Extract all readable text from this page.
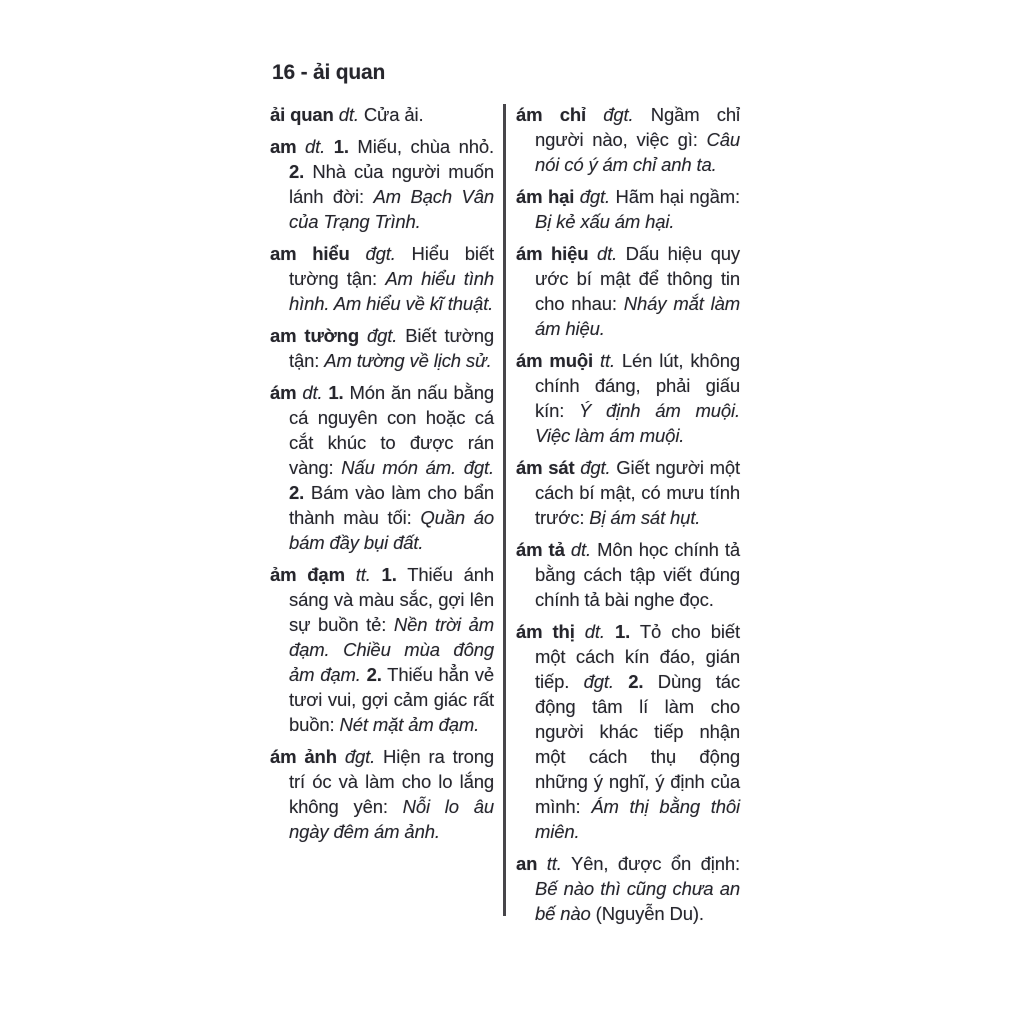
16 - ải quan

ải quan dt. Cửa ải.

am dt. 1. Miếu, chùa nhỏ. 2. Nhà của người muốn lánh đời: Am Bạch Vân của Trạng Trình.

am hiểu đgt. Hiểu biết tường tận: Am hiểu tình hình. Am hiểu về kĩ thuật.

am tường đgt. Biết tường tận: Am tường về lịch sử.

ám dt. 1. Món ăn nấu bằng cá nguyên con hoặc cá cắt khúc to được rán vàng: Nấu món ám. đgt. 2. Bám vào làm cho bẩn thành màu tối: Quần áo bám đầy bụi đất.

ảm đạm tt. 1. Thiếu ánh sáng và màu sắc, gợi lên sự buồn tẻ: Nền trời ảm đạm. Chiều mùa đông ảm đạm. 2. Thiếu hẳn vẻ tươi vui, gợi cảm giác rất buồn: Nét mặt ảm đạm.

ám ảnh đgt. Hiện ra trong trí óc và làm cho lo lắng không yên: Nỗi lo âu ngày đêm ám ảnh.

ám chỉ đgt. Ngầm chỉ người nào, việc gì: Câu nói có ý ám chỉ anh ta.

ám hại đgt. Hãm hại ngầm: Bị kẻ xấu ám hại.

ám hiệu dt. Dấu hiệu quy ước bí mật để thông tin cho nhau: Nháy mắt làm ám hiệu.

ám muội tt. Lén lút, không chính đáng, phải giấu kín: Ý định ám muội. Việc làm ám muội.

ám sát đgt. Giết người một cách bí mật, có mưu tính trước: Bị ám sát hụt.

ám tả dt. Môn học chính tả bằng cách tập viết đúng chính tả bài nghe đọc.

ám thị dt. 1. Tỏ cho biết một cách kín đáo, gián tiếp. đgt. 2. Dùng tác động tâm lí làm cho người khác tiếp nhận một cách thụ động những ý nghĩ, ý định của mình: Ám thị bằng thôi miên.

an tt. Yên, được ổn định: Bế nào thì cũng chưa an bế nào (Nguyễn Du).
